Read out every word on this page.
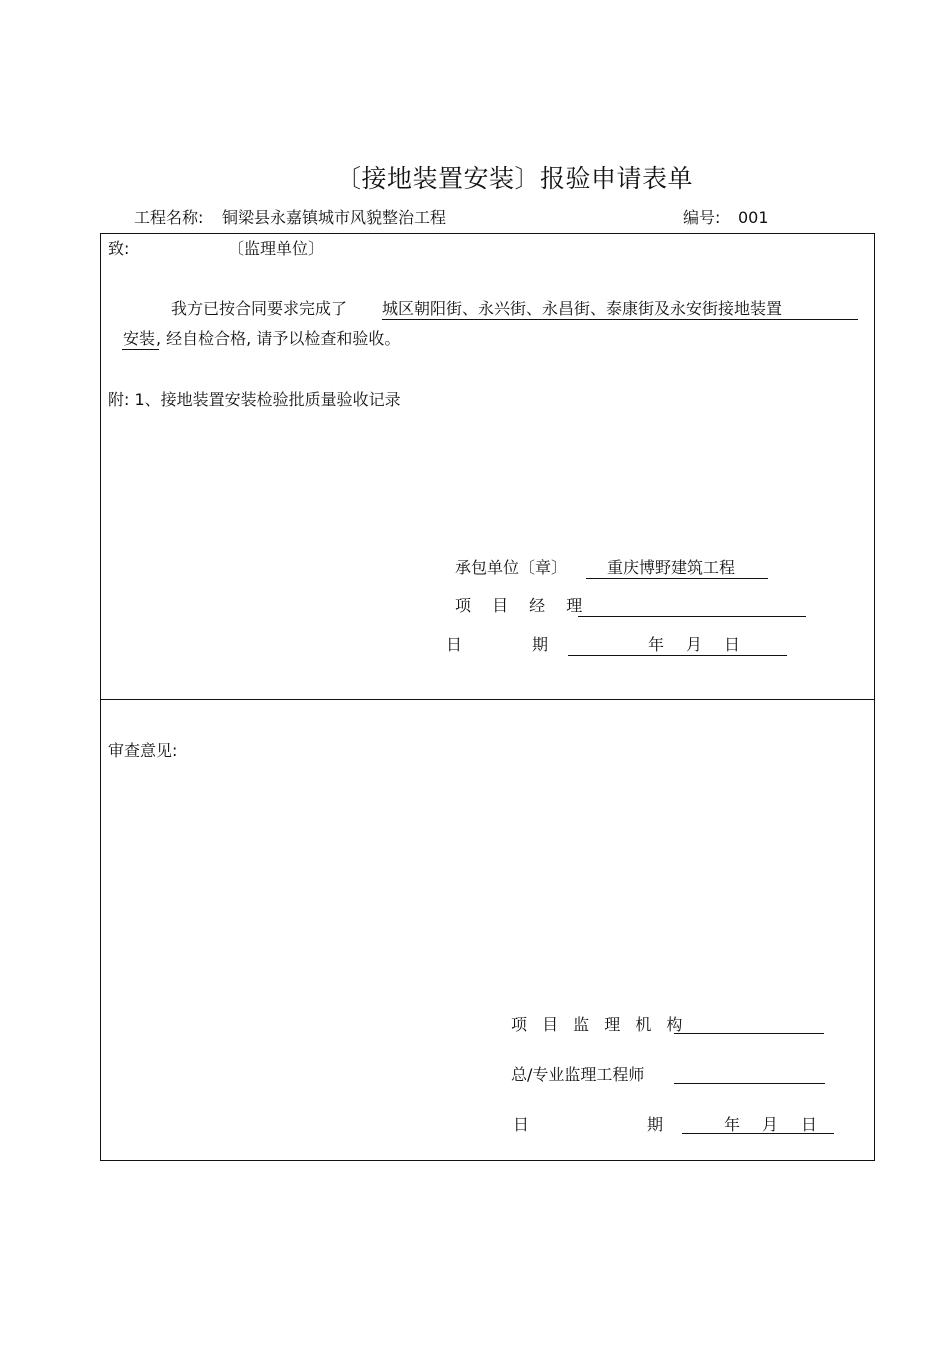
〔接地装置安装〕报验申请表单
工程名称: 铜梁县永嘉镇城市风貌整治工程	编号: 001
致:	〔监理单位〕
我方已按合同要求完成了 城区朝阳街、永兴街、永昌街、泰康街及永安街接地装置
安装 , 经自检合格, 请予以检查和验收。
附: 1、接地装置安装检验批质量验收记录
承包单位〔章〕 重庆博野建筑工程
项 目 经 理
日	期	年 月 日
审查意见:
项 目 监 理 机 构
总/专业监理工程师
日	期	年 月 日
